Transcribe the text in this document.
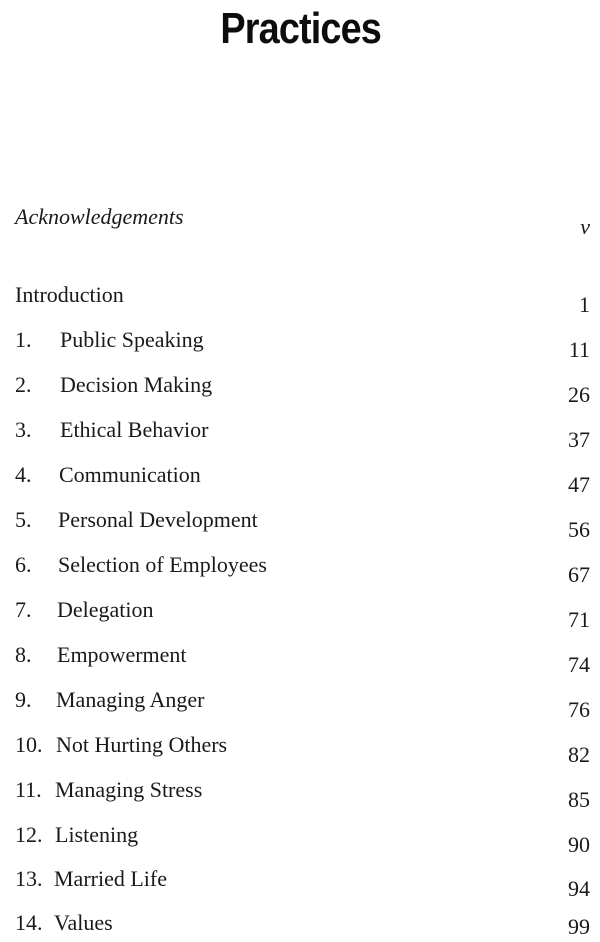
Practices
Acknowledgements	v
Introduction	1
1. Public Speaking	11
2. Decision Making	26
3. Ethical Behavior	37
4. Communication	47
5. Personal Development	56
6. Selection of Employees	67
7. Delegation	71
8. Empowerment	74
9. Managing Anger	76
10. Not Hurting Others	82
11. Managing Stress	85
12. Listening	90
13. Married Life	94
14. Values	99
